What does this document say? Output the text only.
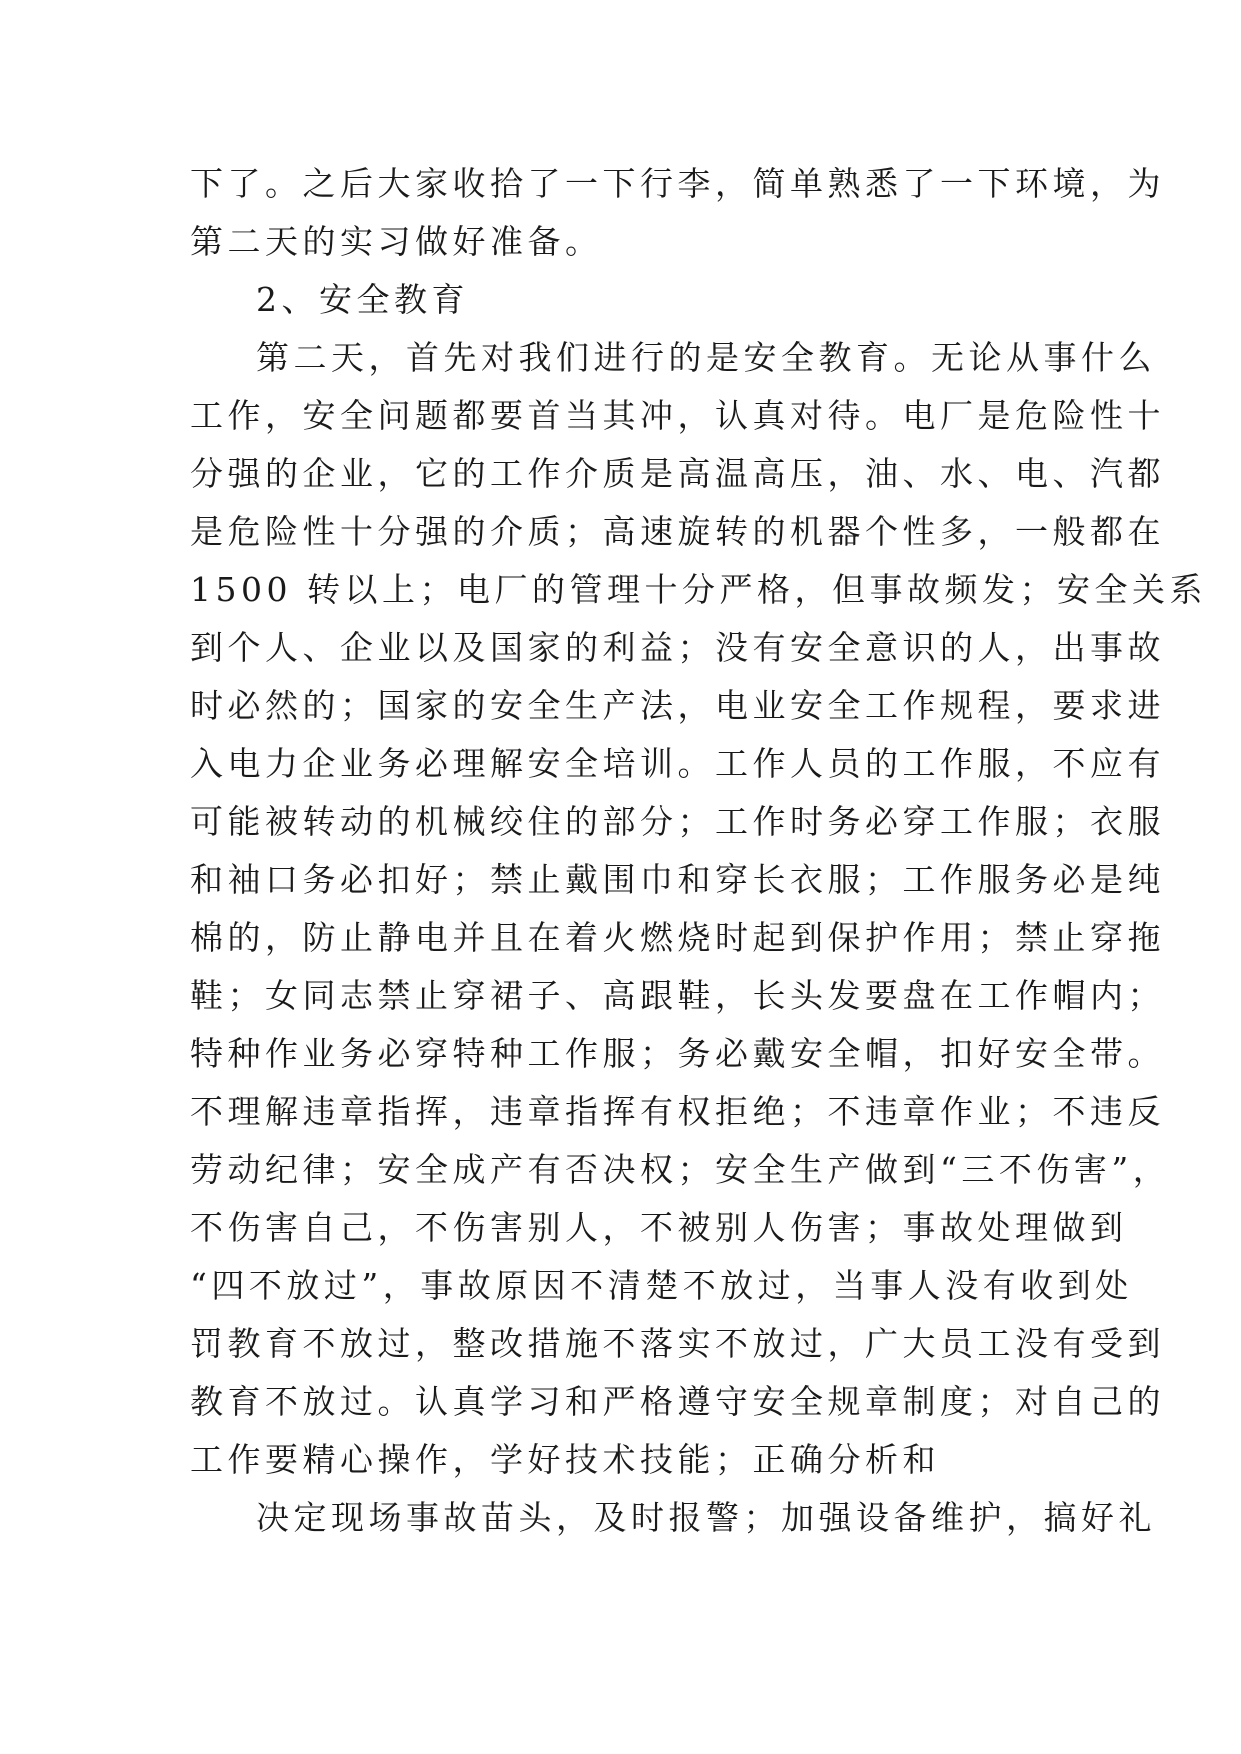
下了。之后大家收拾了一下行李，简单熟悉了一下环境，为
第二天的实习做好准备。
2、安全教育
第二天，首先对我们进行的是安全教育。无论从事什么
工作，安全问题都要首当其冲，认真对待。电厂是危险性十
分强的企业，它的工作介质是高温高压，油、水、电、汽都
是危险性十分强的介质；高速旋转的机器个性多，一般都在
1500 转以上；电厂的管理十分严格，但事故频发；安全关系
到个人、企业以及国家的利益；没有安全意识的人，出事故
时必然的；国家的安全生产法，电业安全工作规程，要求进
入电力企业务必理解安全培训。工作人员的工作服，不应有
可能被转动的机械绞住的部分；工作时务必穿工作服；衣服
和袖口务必扣好；禁止戴围巾和穿长衣服；工作服务必是纯
棉的，防止静电并且在着火燃烧时起到保护作用；禁止穿拖
鞋；女同志禁止穿裙子、高跟鞋，长头发要盘在工作帽内；
特种作业务必穿特种工作服；务必戴安全帽，扣好安全带。
不理解违章指挥，违章指挥有权拒绝；不违章作业；不违反
劳动纪律；安全成产有否决权；安全生产做到“三不伤害”，
不伤害自己，不伤害别人，不被别人伤害；事故处理做到
“四不放过”，事故原因不清楚不放过，当事人没有收到处
罚教育不放过，整改措施不落实不放过，广大员工没有受到
教育不放过。认真学习和严格遵守安全规章制度；对自己的
工作要精心操作，学好技术技能；正确分析和
决定现场事故苗头，及时报警；加强设备维护，搞好礼
